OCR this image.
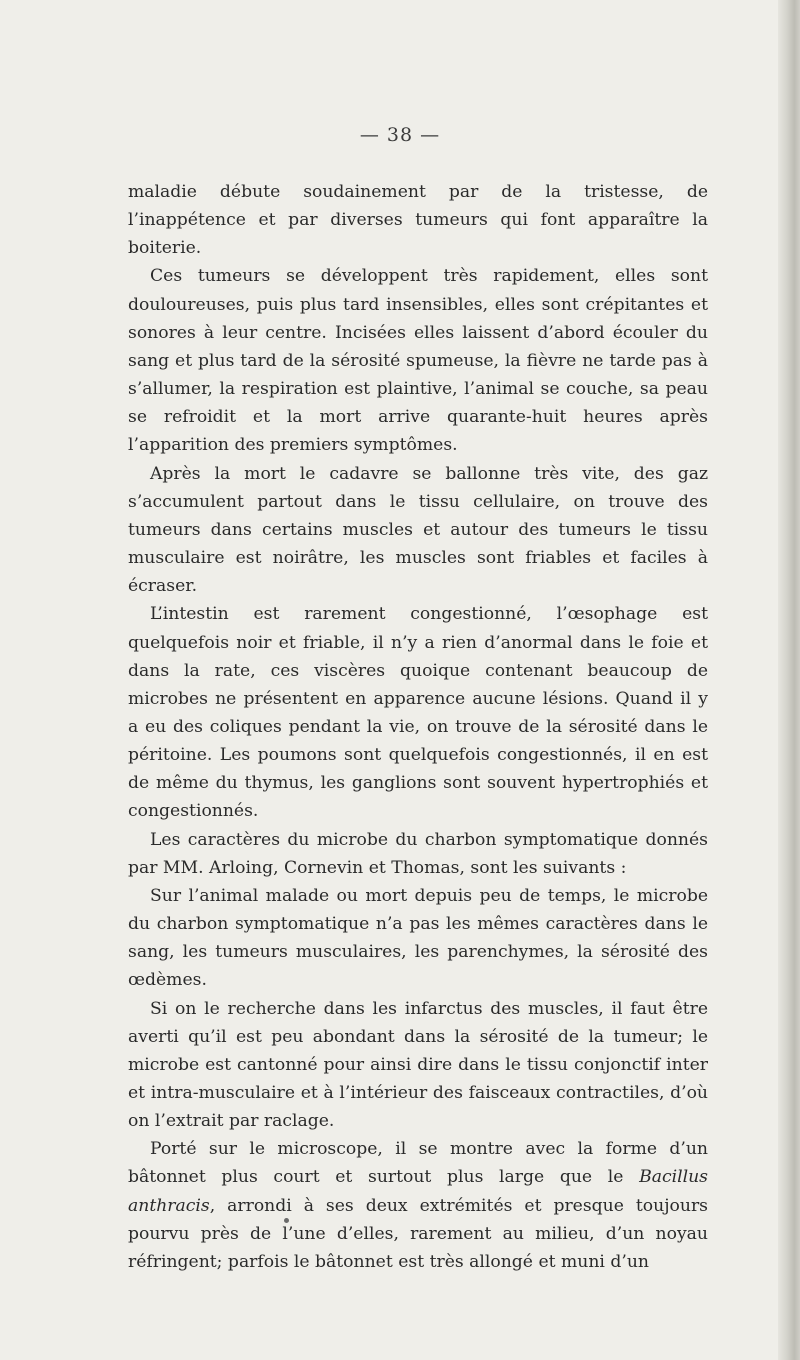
— 38 —

maladie débute soudainement par de la tristesse, de l’inappétence et par diverses tumeurs qui font apparaître la boiterie.

Ces tumeurs se développent très rapidement, elles sont douloureuses, puis plus tard insensibles, elles sont crépitantes et sonores à leur centre. Incisées elles laissent d’abord écouler du sang et plus tard de la sérosité spumeuse, la fièvre ne tarde pas à s’allumer, la respiration est plaintive, l’animal se couche, sa peau se refroidit et la mort arrive quarante-huit heures après l’apparition des premiers symptômes.

Après la mort le cadavre se ballonne très vite, des gaz s’accumulent partout dans le tissu cellulaire, on trouve des tumeurs dans certains muscles et autour des tumeurs le tissu musculaire est noirâtre, les muscles sont friables et faciles à écraser.

L’intestin est rarement congestionné, l’œsophage est quelquefois noir et friable, il n’y a rien d’anormal dans le foie et dans la rate, ces viscères quoique contenant beaucoup de microbes ne présentent en apparence aucune lésions. Quand il y a eu des coliques pendant la vie, on trouve de la sérosité dans le péritoine. Les poumons sont quelquefois congestionnés, il en est de même du thymus, les ganglions sont souvent hypertrophiés et congestionnés.

Les caractères du microbe du charbon symptomatique donnés par MM. Arloing, Cornevin et Thomas, sont les suivants :

Sur l’animal malade ou mort depuis peu de temps, le microbe du charbon symptomatique n’a pas les mêmes caractères dans le sang, les tumeurs musculaires, les parenchymes, la sérosité des œdèmes.

Si on le recherche dans les infarctus des muscles, il faut être averti qu’il est peu abondant dans la sérosité de la tumeur; le microbe est cantonné pour ainsi dire dans le tissu conjonctif inter et intra-musculaire et à l’intérieur des faisceaux contractiles, d’où on l’extrait par raclage.

Porté sur le microscope, il se montre avec la forme d’un bâtonnet plus court et surtout plus large que le Bacillus anthracis, arrondi à ses deux extrémités et presque toujours pourvu près de l’une d’elles, rarement au milieu, d’un noyau réfringent; parfois le bâtonnet est très allongé et muni d’un
